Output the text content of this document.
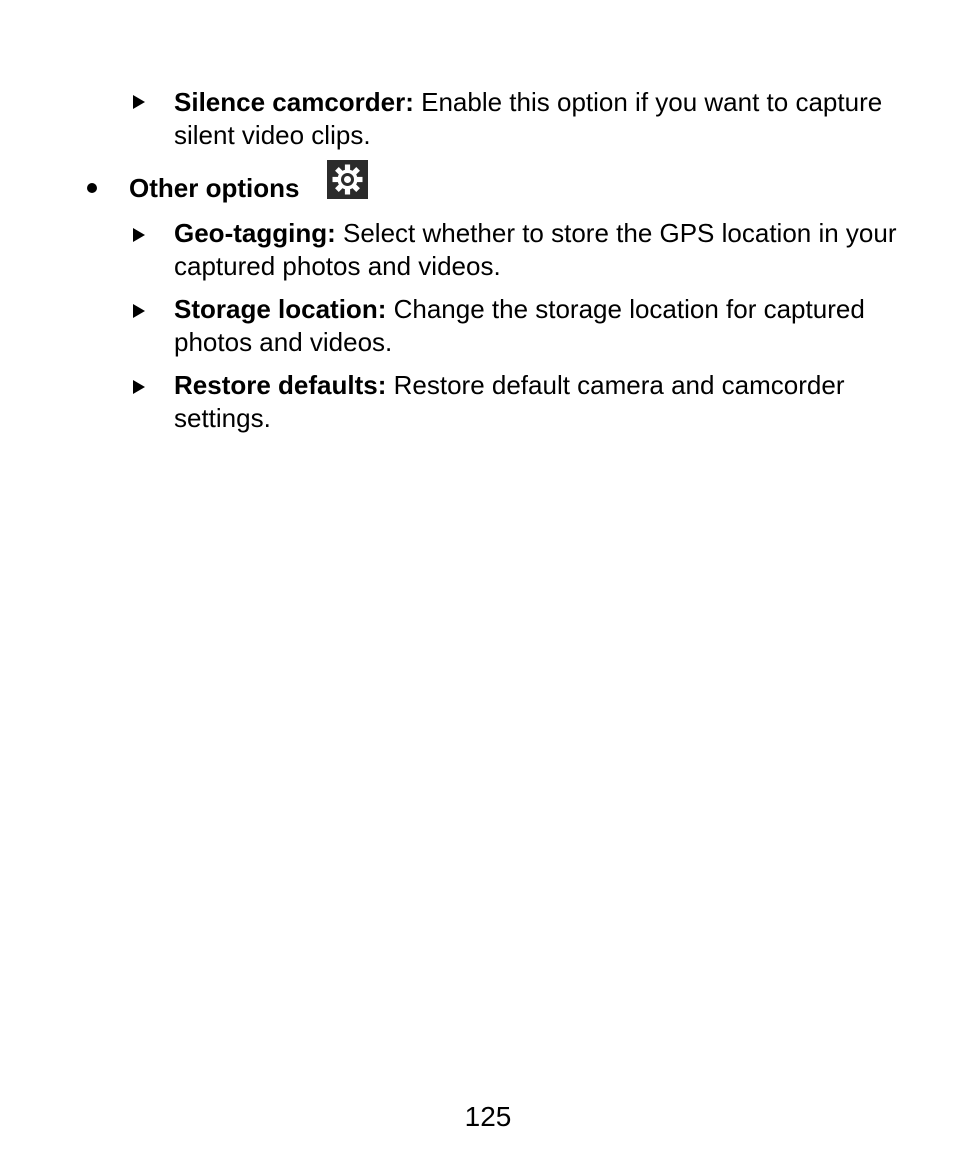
Silence camcorder: Enable this option if you want to capture silent video clips.
Other options
Geo-tagging: Select whether to store the GPS location in your captured photos and videos.
Storage location: Change the storage location for captured photos and videos.
Restore defaults: Restore default camera and camcorder settings.
125
